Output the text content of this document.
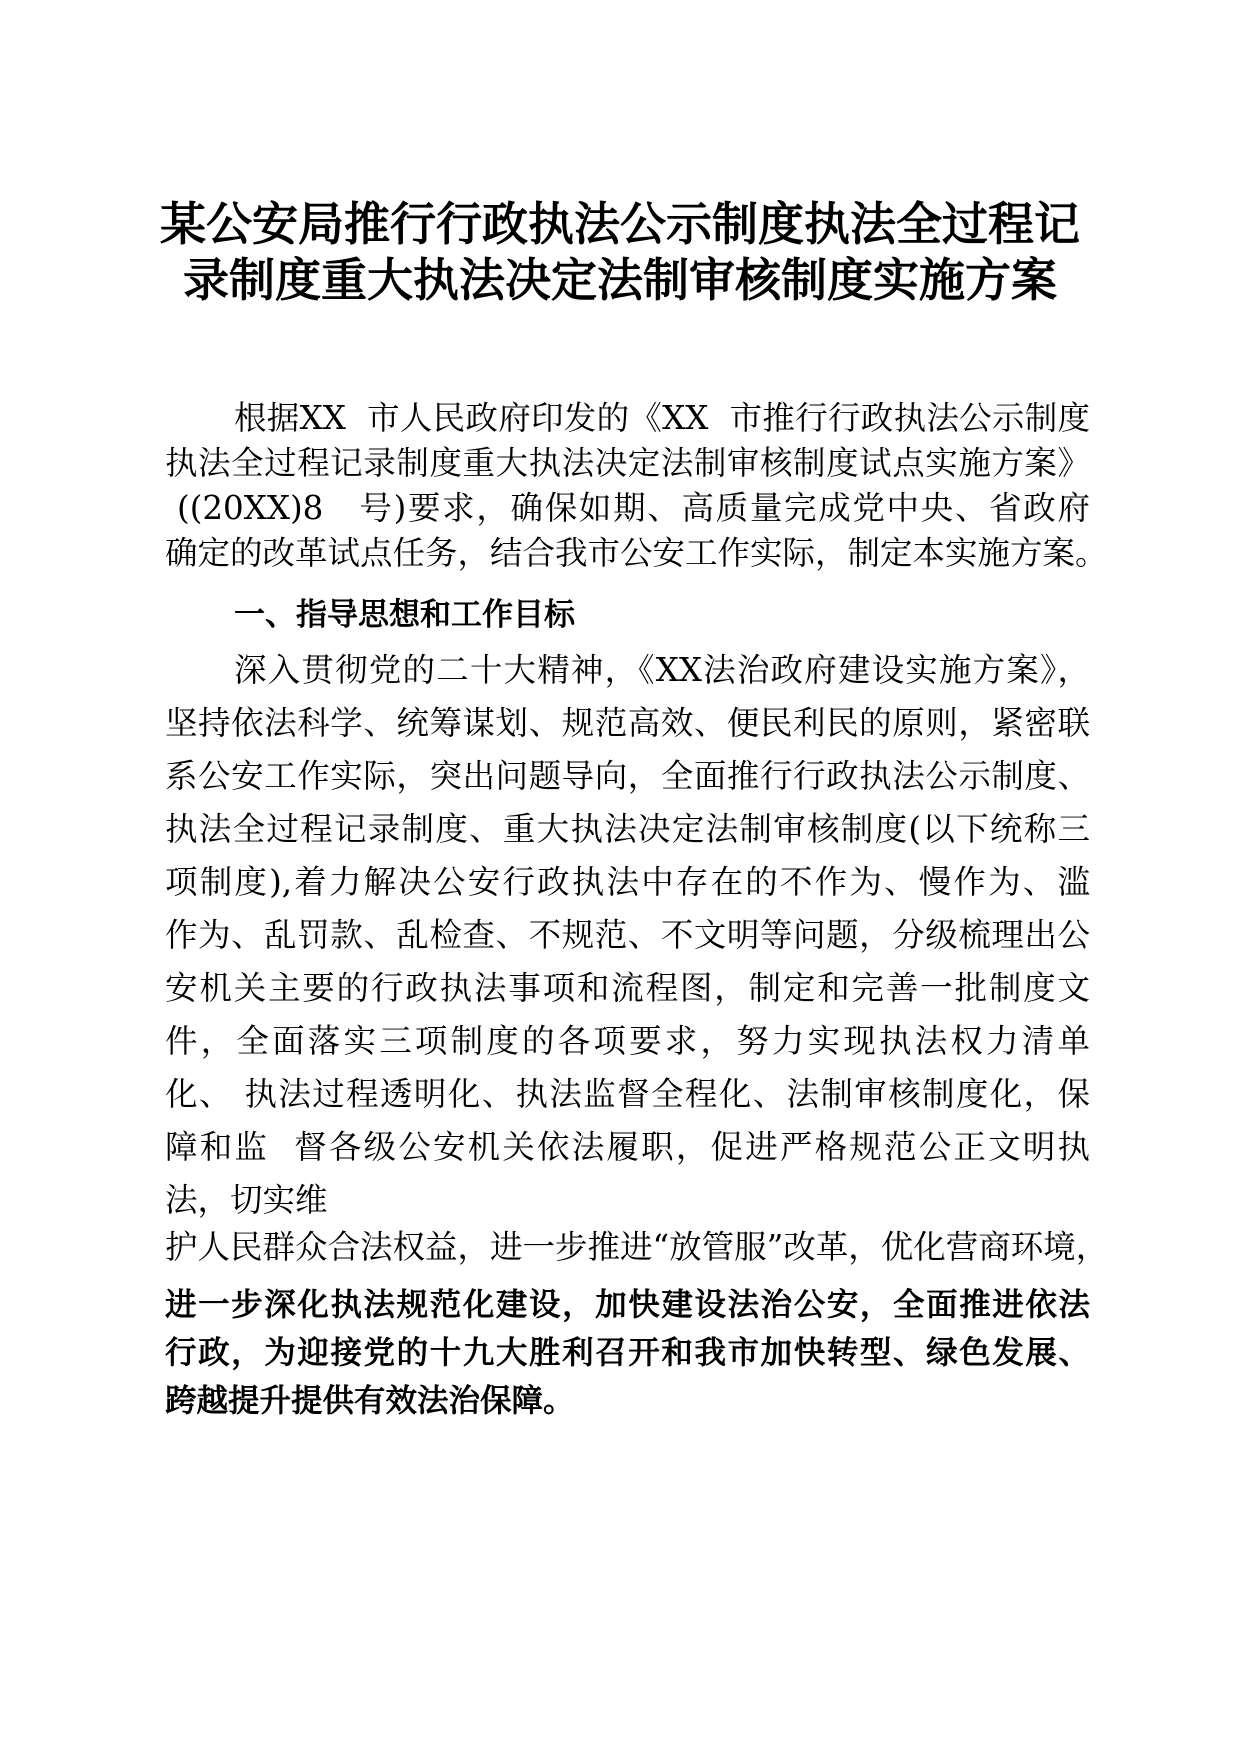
某公安局推行行政执法公示制度执法全过程记
录制度重大执法决定法制审核制度实施方案
根据XX  市人民政府印发的《XX  市推行行政执法公示制度
执法全过程记录制度重大执法决定法制审核制度试点实施方案》
((20XX)8   号)要求，确保如期、高质量完成党中央、省政府
确定的改革试点任务，结合我市公安工作实际，制定本实施方案。
一、指导思想和工作目标
深入贯彻党的二十大精神，《XX法治政府建设实施方案》，
坚持依法科学、统筹谋划、规范高效、便民利民的原则，紧密联
系公安工作实际，突出问题导向，全面推行行政执法公示制度、
执法全过程记录制度、重大执法决定法制审核制度(以下统称三
项制度),着力解决公安行政执法中存在的不作为、慢作为、滥
作为、乱罚款、乱检查、不规范、不文明等问题，分级梳理出公
安机关主要的行政执法事项和流程图，制定和完善一批制度文
件，全面落实三项制度的各项要求，努力实现执法权力清单
化、 执法过程透明化、执法监督全程化、法制审核制度化，保
障和监  督各级公安机关依法履职，促进严格规范公正文明执
法，切实维
护人民群众合法权益，进一步推进“放管服”改革，优化营商环境，
进一步深化执法规范化建设，加快建设法治公安，全面推进依法
行政，为迎接党的十九大胜利召开和我市加快转型、绿色发展、
跨越提升提供有效法治保障。
